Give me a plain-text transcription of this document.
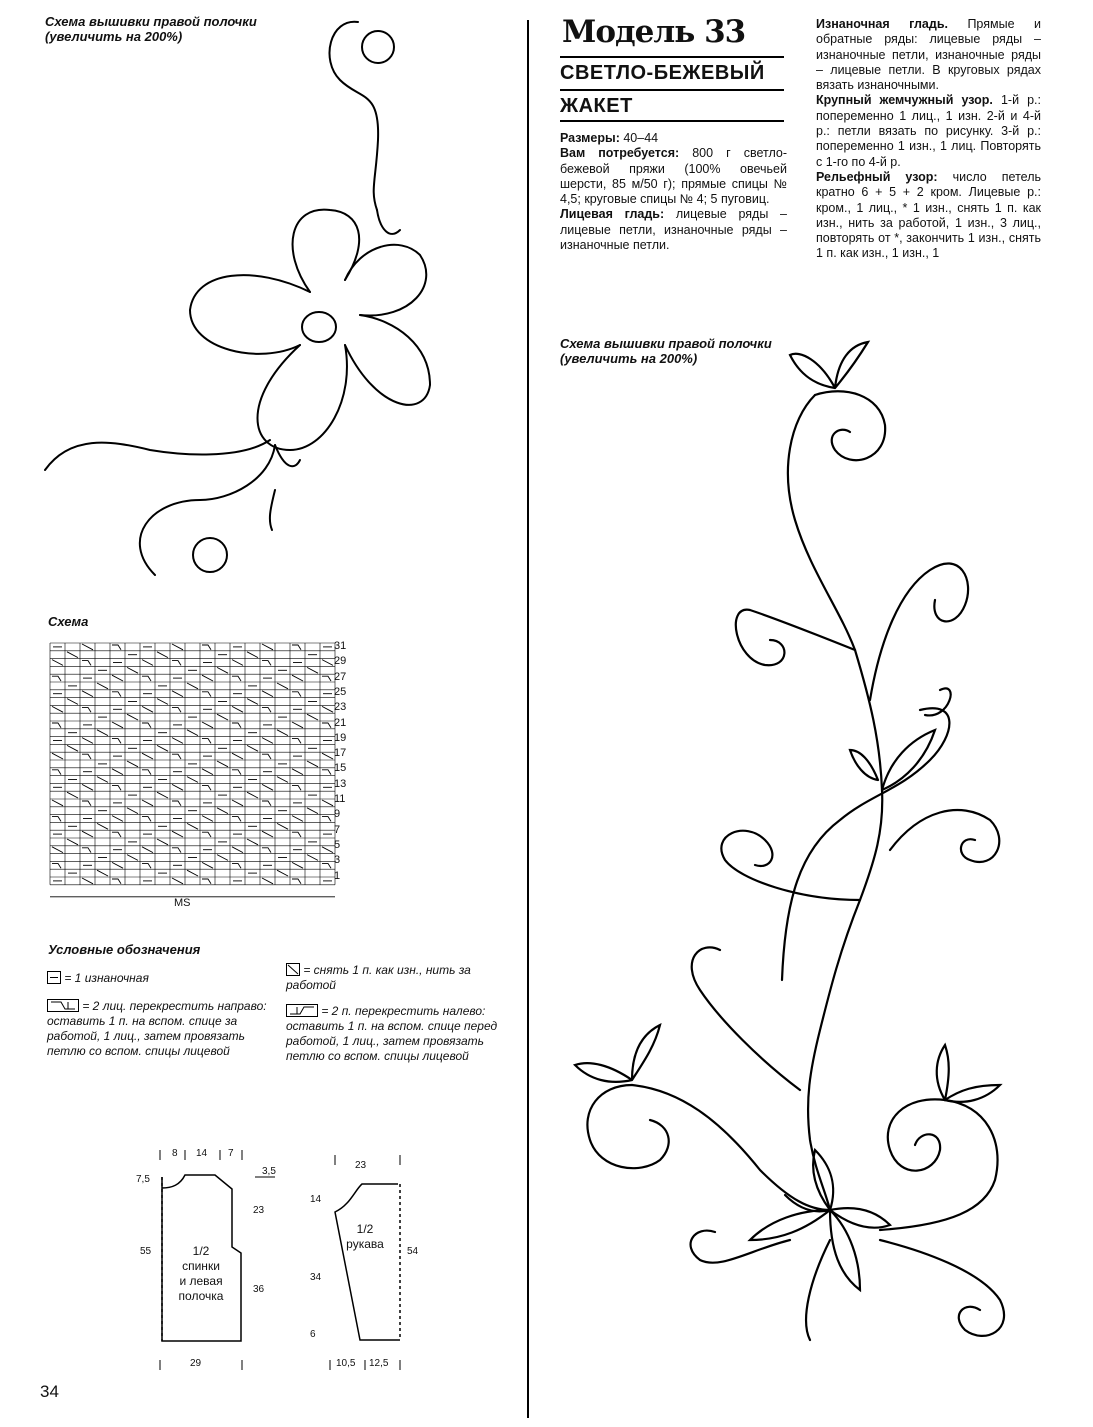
Схема вышивки правой полочки
(увеличить на 200%)	Модель 33
СВЕТЛО-БЕЖЕВЫЙ
ЖАКЕТ
Размеры: 40–44
Вам потребуется: 800 г светло-бежевой пряжи (100% овечьей шерсти, 85 м/50 г); прямые спицы № 4,5; круговые спицы № 4; 5 пуговиц.
Лицевая гладь: лицевые ряды – лицевые петли, изнаночные ряды – изнаночные петли.
Изнаночная гладь. Прямые и обратные ряды: лицевые ряды – изнаночные петли, изнаночные ряды – лицевые петли. В круговых рядах вязать изнаночными.
Крупный жемчужный узор. 1-й р.: попеременно 1 лиц., 1 изн. 2-й и 4-й р.: петли вязать по рисунку. 3-й р.: попеременно 1 изн., 1 лиц. Повторять с 1-го по 4-й р.
Рельефный узор: число петель кратно 6 + 5 + 2 кром. Лицевые р.: кром., 1 лиц., * 1 изн., снять 1 п. как изн., нить за работой, 1 изн., 3 лиц., повторять от *, закончить 1 изн., снять 1 п. как изн., 1 изн., 1
Схема вышивки правой полочки
(увеличить на 200%)
Схема
31
29
27
25
23
21
19
17
15
13
11
9
7
5
3
1
MS
Условные обозначения
= 1 изнаночная
= 2 лиц. перекрестить направо: оставить 1 п. на вспом. спице за работой, 1 лиц., затем провязать петлю со вспом. спицы лицевой
= снять 1 п. как изн., нить за работой
= 2 п. перекрестить налево: оставить 1 п. на вспом. спице перед работой, 1 лиц., затем провязать петлю со вспом. спицы лицевой
8 14 7
3,5
7,5
23
55
36
29
1/2
спинки
и левая
полочка
23
14
54
34
6
10,5 12,5
1/2
рукава
34
